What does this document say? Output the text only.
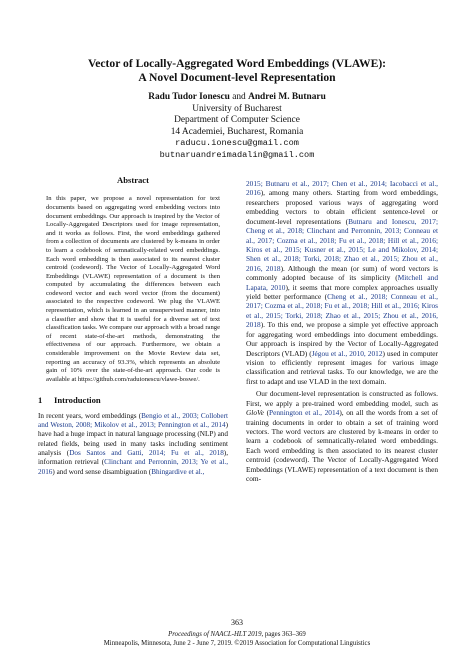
Vector of Locally-Aggregated Word Embeddings (VLAWE):
A Novel Document-level Representation
Radu Tudor Ionescu and Andrei M. Butnaru
University of Bucharest
Department of Computer Science
14 Academiei, Bucharest, Romania
raducu.ionescu@gmail.com
butnaruandreimadalin@gmail.com
Abstract
In this paper, we propose a novel representation for text documents based on aggregating word embedding vectors into document embeddings. Our approach is inspired by the Vector of Locally-Aggregated Descriptors used for image representation, and it works as follows. First, the word embeddings gathered from a collection of documents are clustered by k-means in order to learn a codebook of semnatically-related word embeddings. Each word embedding is then associated to its nearest cluster centroid (codeword). The Vector of Locally-Aggregated Word Embeddings (VLAWE) representation of a document is then computed by accumulating the differences between each codeword vector and each word vector (from the document) associated to the respective codeword. We plug the VLAWE representation, which is learned in an unsupervised manner, into a classifier and show that it is useful for a diverse set of text classification tasks. We compare our approach with a broad range of recent state-of-the-art methods, demonstrating the effectiveness of our approach. Furthermore, we obtain a considerable improvement on the Movie Review data set, reporting an accuracy of 93.3%, which represents an absolute gain of 10% over the state-of-the-art approach. Our code is available at https://github.com/raduionescu/vlawe-boswe/.
1 Introduction

In recent years, word embeddings (Bengio et al., 2003; Collobert and Weston, 2008; Mikolov et al., 2013; Pennington et al., 2014) have had a huge impact in natural language processing (NLP) and related fields, being used in many tasks including sentiment analysis (Dos Santos and Gatti, 2014; Fu et al., 2018), information retrieval (Clinchant and Perronnin, 2013; Ye et al., 2016) and word sense disambiguation (Bhingardive et al.,

2015; Butnaru et al., 2017; Chen et al., 2014; Iacobacci et al., 2016), among many others. Starting from word embeddings, researchers proposed various ways of aggregating word embedding vectors to obtain efficient sentence-level or document-level representations (Butnaru and Ionescu, 2017; Cheng et al., 2018; Clinchant and Perronnin, 2013; Conneau et al., 2017; Cozma et al., 2018; Fu et al., 2018; Hill et al., 2016; Kiros et al., 2015; Kusner et al., 2015; Le and Mikolov, 2014; Shen et al., 2018; Torki, 2018; Zhao et al., 2015; Zhou et al., 2016, 2018). Although the mean (or sum) of word vectors is commonly adopted because of its simplicity (Mitchell and Lapata, 2010), it seems that more complex approaches usually yield better performance (Cheng et al., 2018; Conneau et al., 2017; Cozma et al., 2018; Fu et al., 2018; Hill et al., 2016; Kiros et al., 2015; Torki, 2018; Zhao et al., 2015; Zhou et al., 2016, 2018). To this end, we propose a simple yet effective approach for aggregating word embeddings into document embeddings. Our approach is inspired by the Vector of Locally-Aggregated Descriptors (VLAD) (Jégou et al., 2010, 2012) used in computer vision to efficiently represent images for various image classification and retrieval tasks. To our knowledge, we are the first to adapt and use VLAD in the text domain.

Our document-level representation is constructed as follows. First, we apply a pre-trained word embedding model, such as GloVe (Pennington et al., 2014), on all the words from a set of training documents in order to obtain a set of training word vectors. The word vectors are clustered by k-means in order to learn a codebook of semnatically-related word embeddings. Each word embedding is then associated to its nearest cluster centroid (codeword). The Vector of Locally-Aggregated Word Embeddings (VLAWE) representation of a text document is then com-

363
Proceedings of NAACL-HLT 2019, pages 363–369
Minneapolis, Minnesota, June 2 - June 7, 2019. ©2019 Association for Computational Linguistics
